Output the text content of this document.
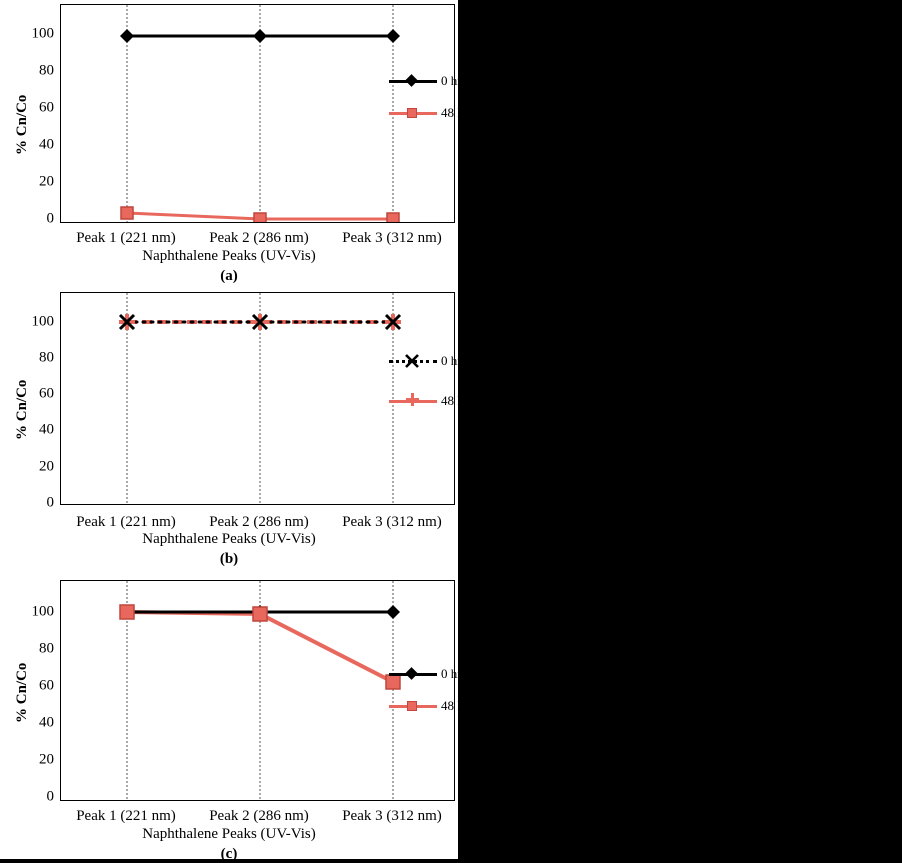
% Cn/Co
100
80
60
40
20
0
0 hrs
48 hrs
Peak 1 (221 nm) Peak 2 (286 nm) Peak 3 (312 nm)
Naphthalene Peaks (UV-Vis)
(a)
% Cn/Co
100
80
60
40
20
0
0 hrs
48 hrs
Peak 1 (221 nm) Peak 2 (286 nm) Peak 3 (312 nm)
Naphthalene Peaks (UV-Vis)
(b)
% Cn/Co
100
80
60
40
20
0
0 hrs
48 hrs
Peak 1 (221 nm) Peak 2 (286 nm) Peak 3 (312 nm)
Naphthalene Peaks (UV-Vis)
(c)
